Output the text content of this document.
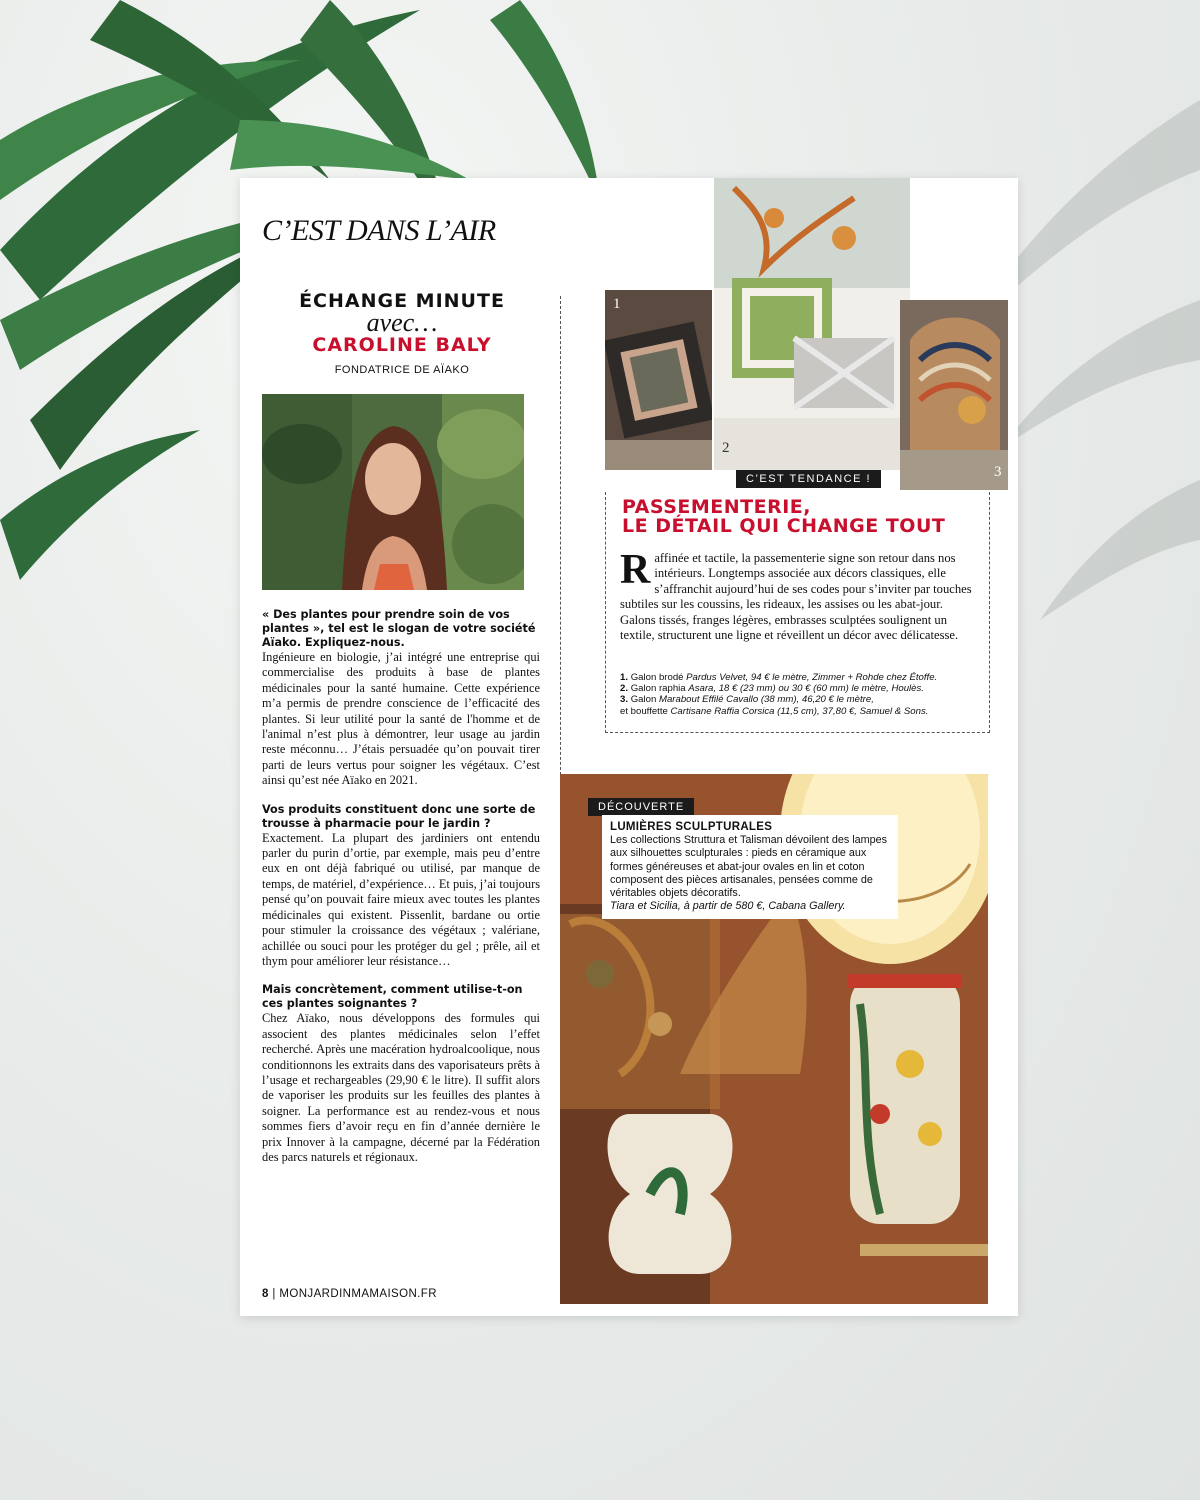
C’EST DANS L’AIR
ÉCHANGE MINUTE
avec…
CAROLINE BALY
FONDATRICE DE AÏAKO

« Des plantes pour prendre soin de vos plantes », tel est le slogan de votre société Aïako. Expliquez-nous.

Ingénieure en biologie, j’ai intégré une entreprise qui commercialise des produits à base de plantes médicinales pour la santé humaine. Cette expérience m’a permis de prendre conscience de l’efficacité des plantes. Si leur utilité pour la santé de l'homme et de l'animal n’est plus à démontrer, leur usage au jardin reste méconnu… J’étais persuadée qu’on pouvait tirer parti de leurs vertus pour soigner les végétaux. C’est ainsi qu’est née Aïako en 2021.

Vos produits constituent donc une sorte de trousse à pharmacie pour le jardin ?

Exactement. La plupart des jardiniers ont entendu parler du purin d’ortie, par exemple, mais peu d’entre eux en ont déjà fabriqué ou utilisé, par manque de temps, de matériel, d’expérience… Et puis, j’ai toujours pensé qu’on pouvait faire mieux avec toutes les plantes médicinales qui existent. Pissenlit, bardane ou ortie pour stimuler la croissance des végétaux ; valériane, achillée ou souci pour les protéger du gel ; prêle, ail et thym pour améliorer leur résistance…

Mais concrètement, comment utilise-t-on ces plantes soignantes ?

Chez Aïako, nous développons des formules qui associent des plantes médicinales selon l’effet recherché. Après une macération hydroalcoolique, nous conditionnons les extraits dans des vaporisateurs prêts à l’usage et rechargeables (29,90 € le litre). Il suffit alors de vaporiser les produits sur les feuilles des plantes à soigner. La performance est au rendez-vous et nous sommes fiers d’avoir reçu en fin d’année dernière le prix Innover à la campagne, décerné par la Fédération des parcs naturels et régionaux.

8 | MONJARDINMAMAISON.FR
1
2
3
C’EST TENDANCE !
PASSEMENTERIE,
LE DÉTAIL QUI CHANGE TOUT
Raffinée et tactile, la passementerie signe son retour dans nos intérieurs. Longtemps associée aux décors classiques, elle s’affranchit aujourd’hui de ses codes pour s’inviter par touches subtiles sur les coussins, les rideaux, les assises ou les abat-jour. Galons tissés, franges légères, embrasses sculptées soulignent un textile, structurent une ligne et réveillent un décor avec délicatesse.
1. Galon brodé Pardus Velvet, 94 € le mètre, Zimmer + Rohde chez Étoffe.
2. Galon raphia Asara, 18 € (23 mm) ou 30 € (60 mm) le mètre, Houlès.
3. Galon Marabout Effilé Cavallo (38 mm), 46,20 € le mètre,
et bouffette Cartisane Raffia Corsica (11,5 cm), 37,80 €, Samuel & Sons.
DÉCOUVERTE
LUMIÈRES SCULPTURALES
Les collections Struttura et Talisman dévoilent des lampes aux silhouettes sculpturales : pieds en céramique aux formes généreuses et abat-jour ovales en lin et coton composent des pièces artisanales, pensées comme de véritables objets décoratifs.
Tiara et Sicilia, à partir de 580 €, Cabana Gallery.
